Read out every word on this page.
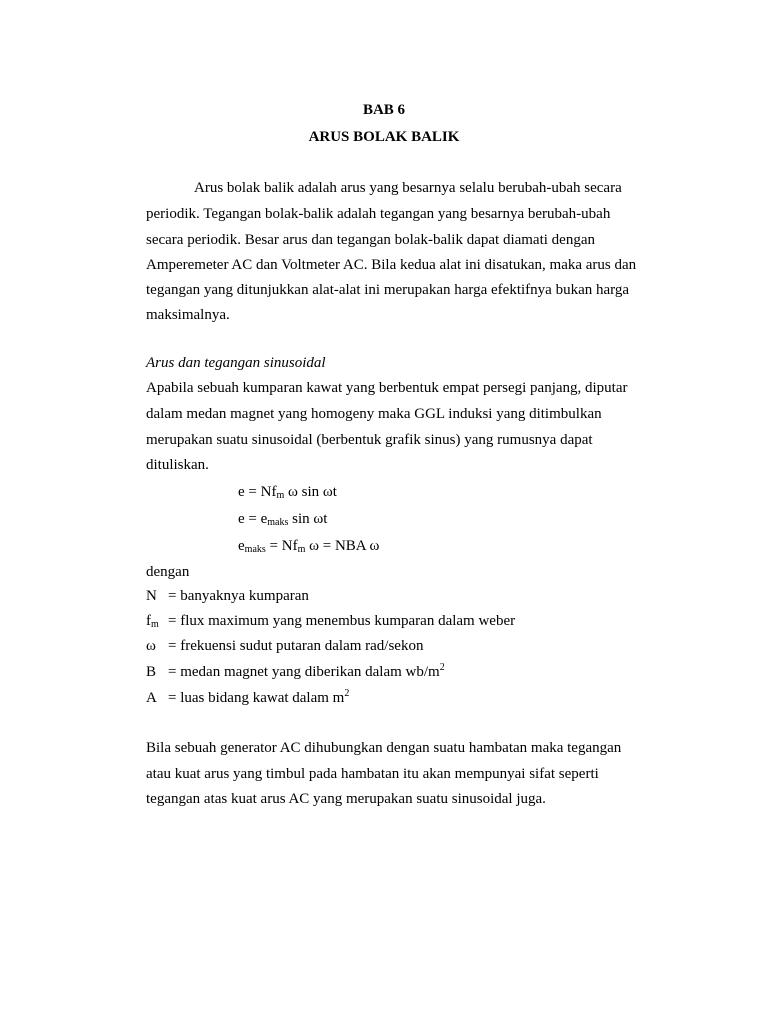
BAB 6
ARUS BOLAK BALIK
Arus bolak balik adalah arus yang besarnya selalu berubah-ubah secara
periodik. Tegangan bolak-balik adalah tegangan yang besarnya berubah-ubah
secara periodik. Besar arus dan tegangan bolak-balik dapat diamati dengan
Amperemeter AC dan Voltmeter AC. Bila kedua alat ini disatukan, maka arus dan
tegangan yang ditunjukkan alat-alat ini merupakan harga efektifnya bukan harga
maksimalnya.
Arus dan tegangan sinusoidal
Apabila sebuah kumparan kawat yang berbentuk empat persegi panjang, diputar
dalam medan magnet yang homogeny maka GGL induksi yang ditimbulkan
merupakan suatu sinusoidal (berbentuk grafik sinus) yang rumusnya dapat
dituliskan.
$e = Nf_m$ ω sin ωt
$e = e_{maks}$ sin ωt
$e_{maks} = Nf_m$ ω = NBA ω
dengan
N = banyaknya kumparan
$f_m$ = flux maximum yang menembus kumparan dalam weber
ω = frekuensi sudut putaran dalam rad/sekon
B = medan magnet yang diberikan dalam $wb/m^2$
A = luas bidang kawat dalam $m^2$
Bila sebuah generator AC dihubungkan dengan suatu hambatan maka tegangan
atau kuat arus yang timbul pada hambatan itu akan mempunyai sifat seperti
tegangan atas kuat arus AC yang merupakan suatu sinusoidal juga.
